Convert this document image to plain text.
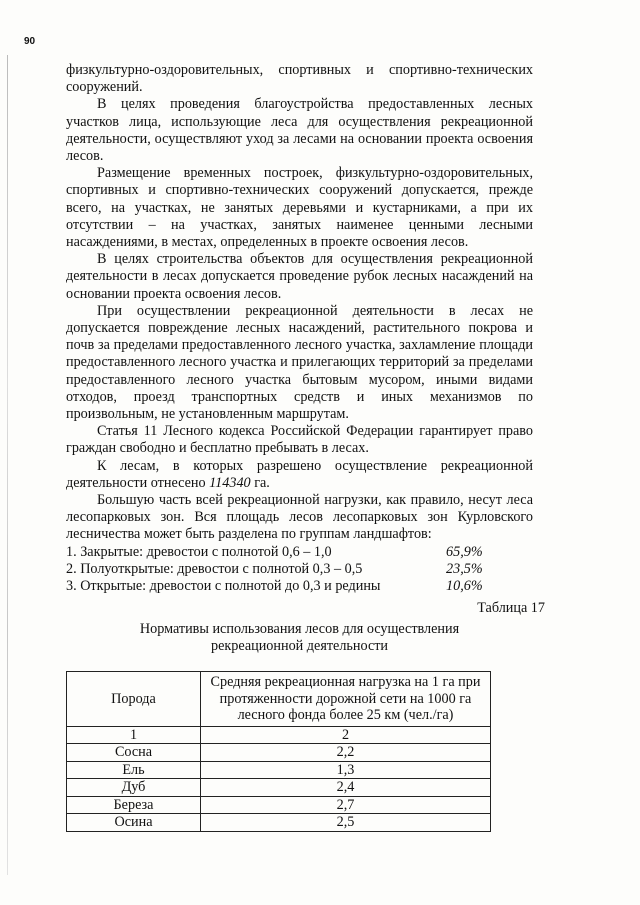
90

физкультурно-оздоровительных, спортивных и спортивно-технических сооружений.

В целях проведения благоустройства предоставленных лесных участков лица, использующие леса для осуществления рекреационной деятельности, осуществляют уход за лесами на основании проекта освоения лесов.

Размещение временных построек, физкультурно-оздоровительных, спортивных и спортивно-технических сооружений допускается, прежде всего, на участках, не занятых деревьями и кустарниками, а при их отсутствии – на участках, занятых наименее ценными лесными насаждениями, в местах, определенных в проекте освоения лесов.

В целях строительства объектов для осуществления рекреационной деятельности в лесах допускается проведение рубок лесных насаждений на основании проекта освоения лесов.

При осуществлении рекреационной деятельности в лесах не допускается повреждение лесных насаждений, растительного покрова и почв за пределами предоставленного лесного участка, захламление площади предоставленного лесного участка и прилегающих территорий за пределами предоставленного лесного участка бытовым мусором, иными видами отходов, проезд транспортных средств и иных механизмов по произвольным, не установленным маршрутам.

Статья 11 Лесного кодекса Российской Федерации гарантирует право граждан свободно и бесплатно пребывать в лесах.

К лесам, в которых разрешено осуществление рекреационной деятельности отнесено 114340 га.

Большую часть всей рекреационной нагрузки, как правило, несут леса лесопарковых зон. Вся площадь лесов лесопарковых зон Курловского лесничества может быть разделена по группам ландшафтов:

1. Закрытые: древостои с полнотой 0,6 – 1,0	65,9%
2. Полуоткрытые: древостои с полнотой 0,3 – 0,5	23,5%
3. Открытые: древостои с полнотой до 0,3 и редины	10,6%
Таблица 17
Нормативы использования лесов для осуществления
рекреационной деятельности
Порода	Средняя рекреационная нагрузка на 1 га при протяженности дорожной сети на 1000 га лесного фонда более 25 км (чел./га)
1	2
Сосна	2,2
Ель	1,3
Дуб	2,4
Береза	2,7
Осина	2,5
